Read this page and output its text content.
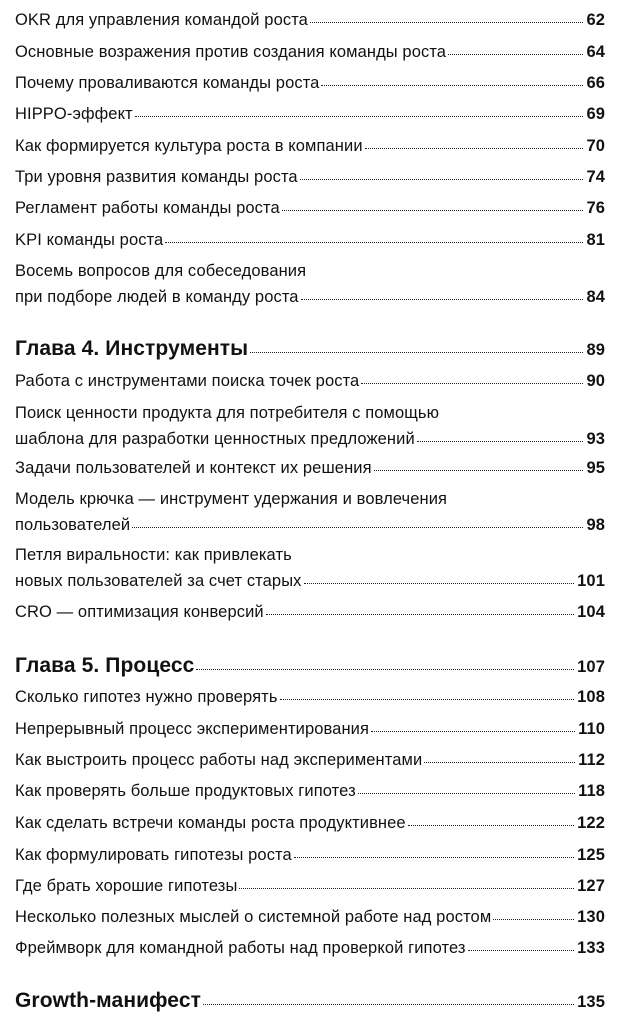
OKR для управления командой роста	62
Основные возражения против создания команды роста	64
Почему проваливаются команды роста	66
HIPPO-эффект	69
Как формируется культура роста в компании	70
Три уровня развития команды роста	74
Регламент работы команды роста	76
KPI команды роста	81
Восемь вопросов для собеседования
при подборе людей в команду роста	84
Глава 4. Инструменты	89
Работа с инструментами поиска точек роста	90
Поиск ценности продукта для потребителя с помощью
шаблона для разработки ценностных предложений	93
Задачи пользователей и контекст их решения	95
Модель крючка — инструмент удержания и вовлечения
пользователей	98
Петля виральности: как привлекать
новых пользователей за счет старых	101
CRO — оптимизация конверсий	104
Глава 5. Процесс	107
Сколько гипотез нужно проверять	108
Непрерывный процесс экспериментирования	110
Как выстроить процесс работы над экспериментами	112
Как проверять больше продуктовых гипотез	118
Как сделать встречи команды роста продуктивнее	122
Как формулировать гипотезы роста	125
Где брать хорошие гипотезы	127
Несколько полезных мыслей о системной работе над ростом	130
Фреймворк для командной работы над проверкой гипотез	133
Growth-манифест	135
